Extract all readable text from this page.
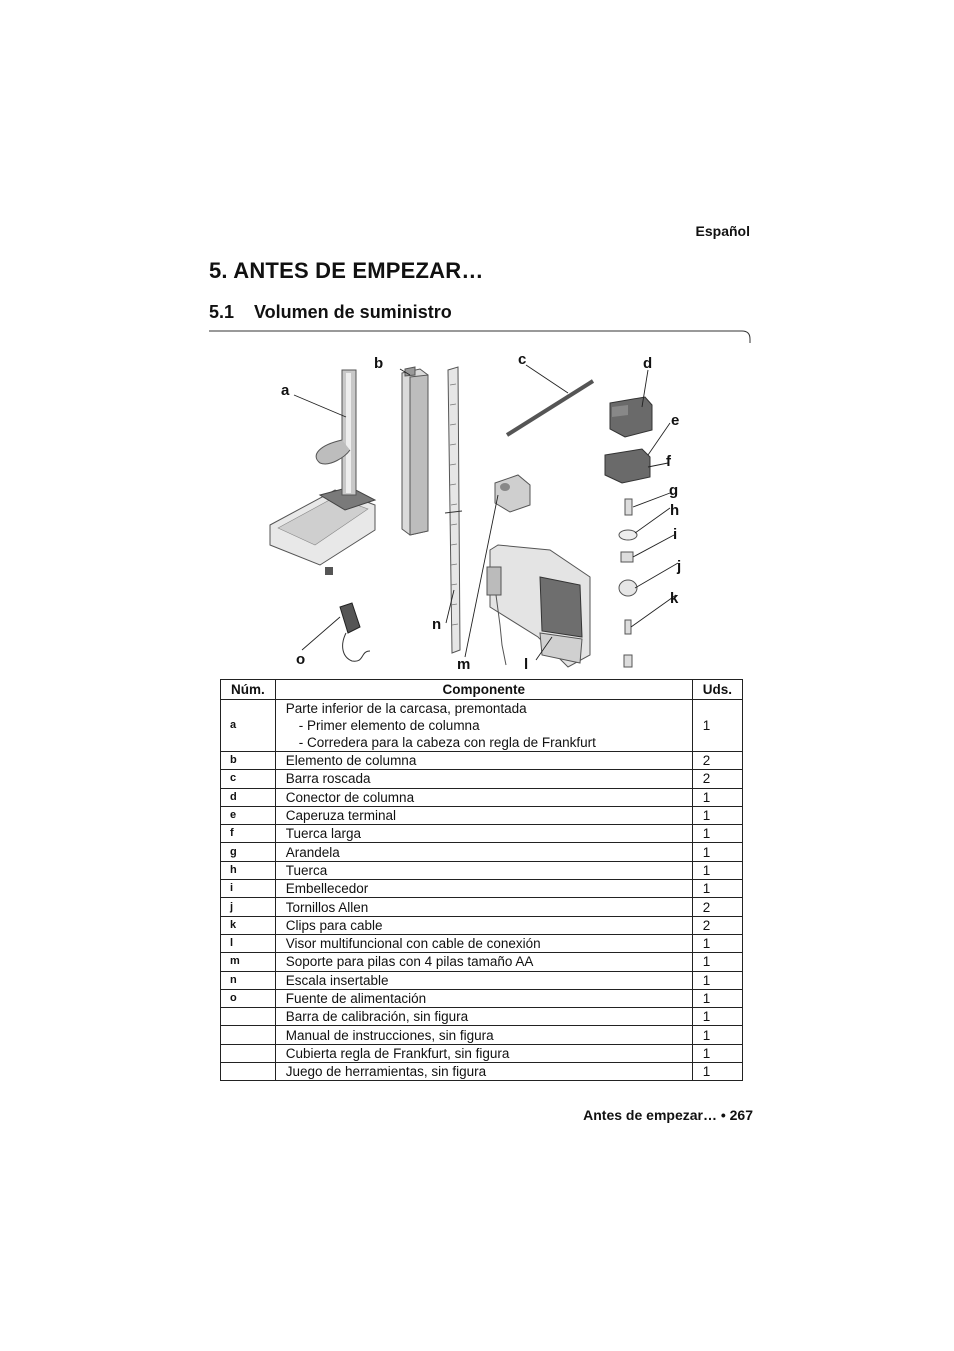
Español
5. ANTES DE EMPEZAR…
5.1 Volumen de suministro
a
b	c	d
e
f
g
h
i
j
k
l
m
n
o
Núm.	Componente	Uds.
a	Parte inferior de la carcasa, premontada
- Primer elemento de columna
- Corredera para la cabeza con regla de Frankfurt	1
b	Elemento de columna	2
c	Barra roscada	2
d	Conector de columna	1
e	Caperuza terminal	1
f	Tuerca larga	1
g	Arandela	1
h	Tuerca	1
i	Embellecedor	1
j	Tornillos Allen	2
k	Clips para cable	2
l	Visor multifuncional con cable de conexión	1
m	Soporte para pilas con 4 pilas tamaño AA	1
n	Escala insertable	1
o	Fuente de alimentación	1
	Barra de calibración, sin figura	1
	Manual de instrucciones, sin figura	1
	Cubierta regla de Frankfurt, sin figura	1
	Juego de herramientas, sin figura	1
Antes de empezar… • 267
